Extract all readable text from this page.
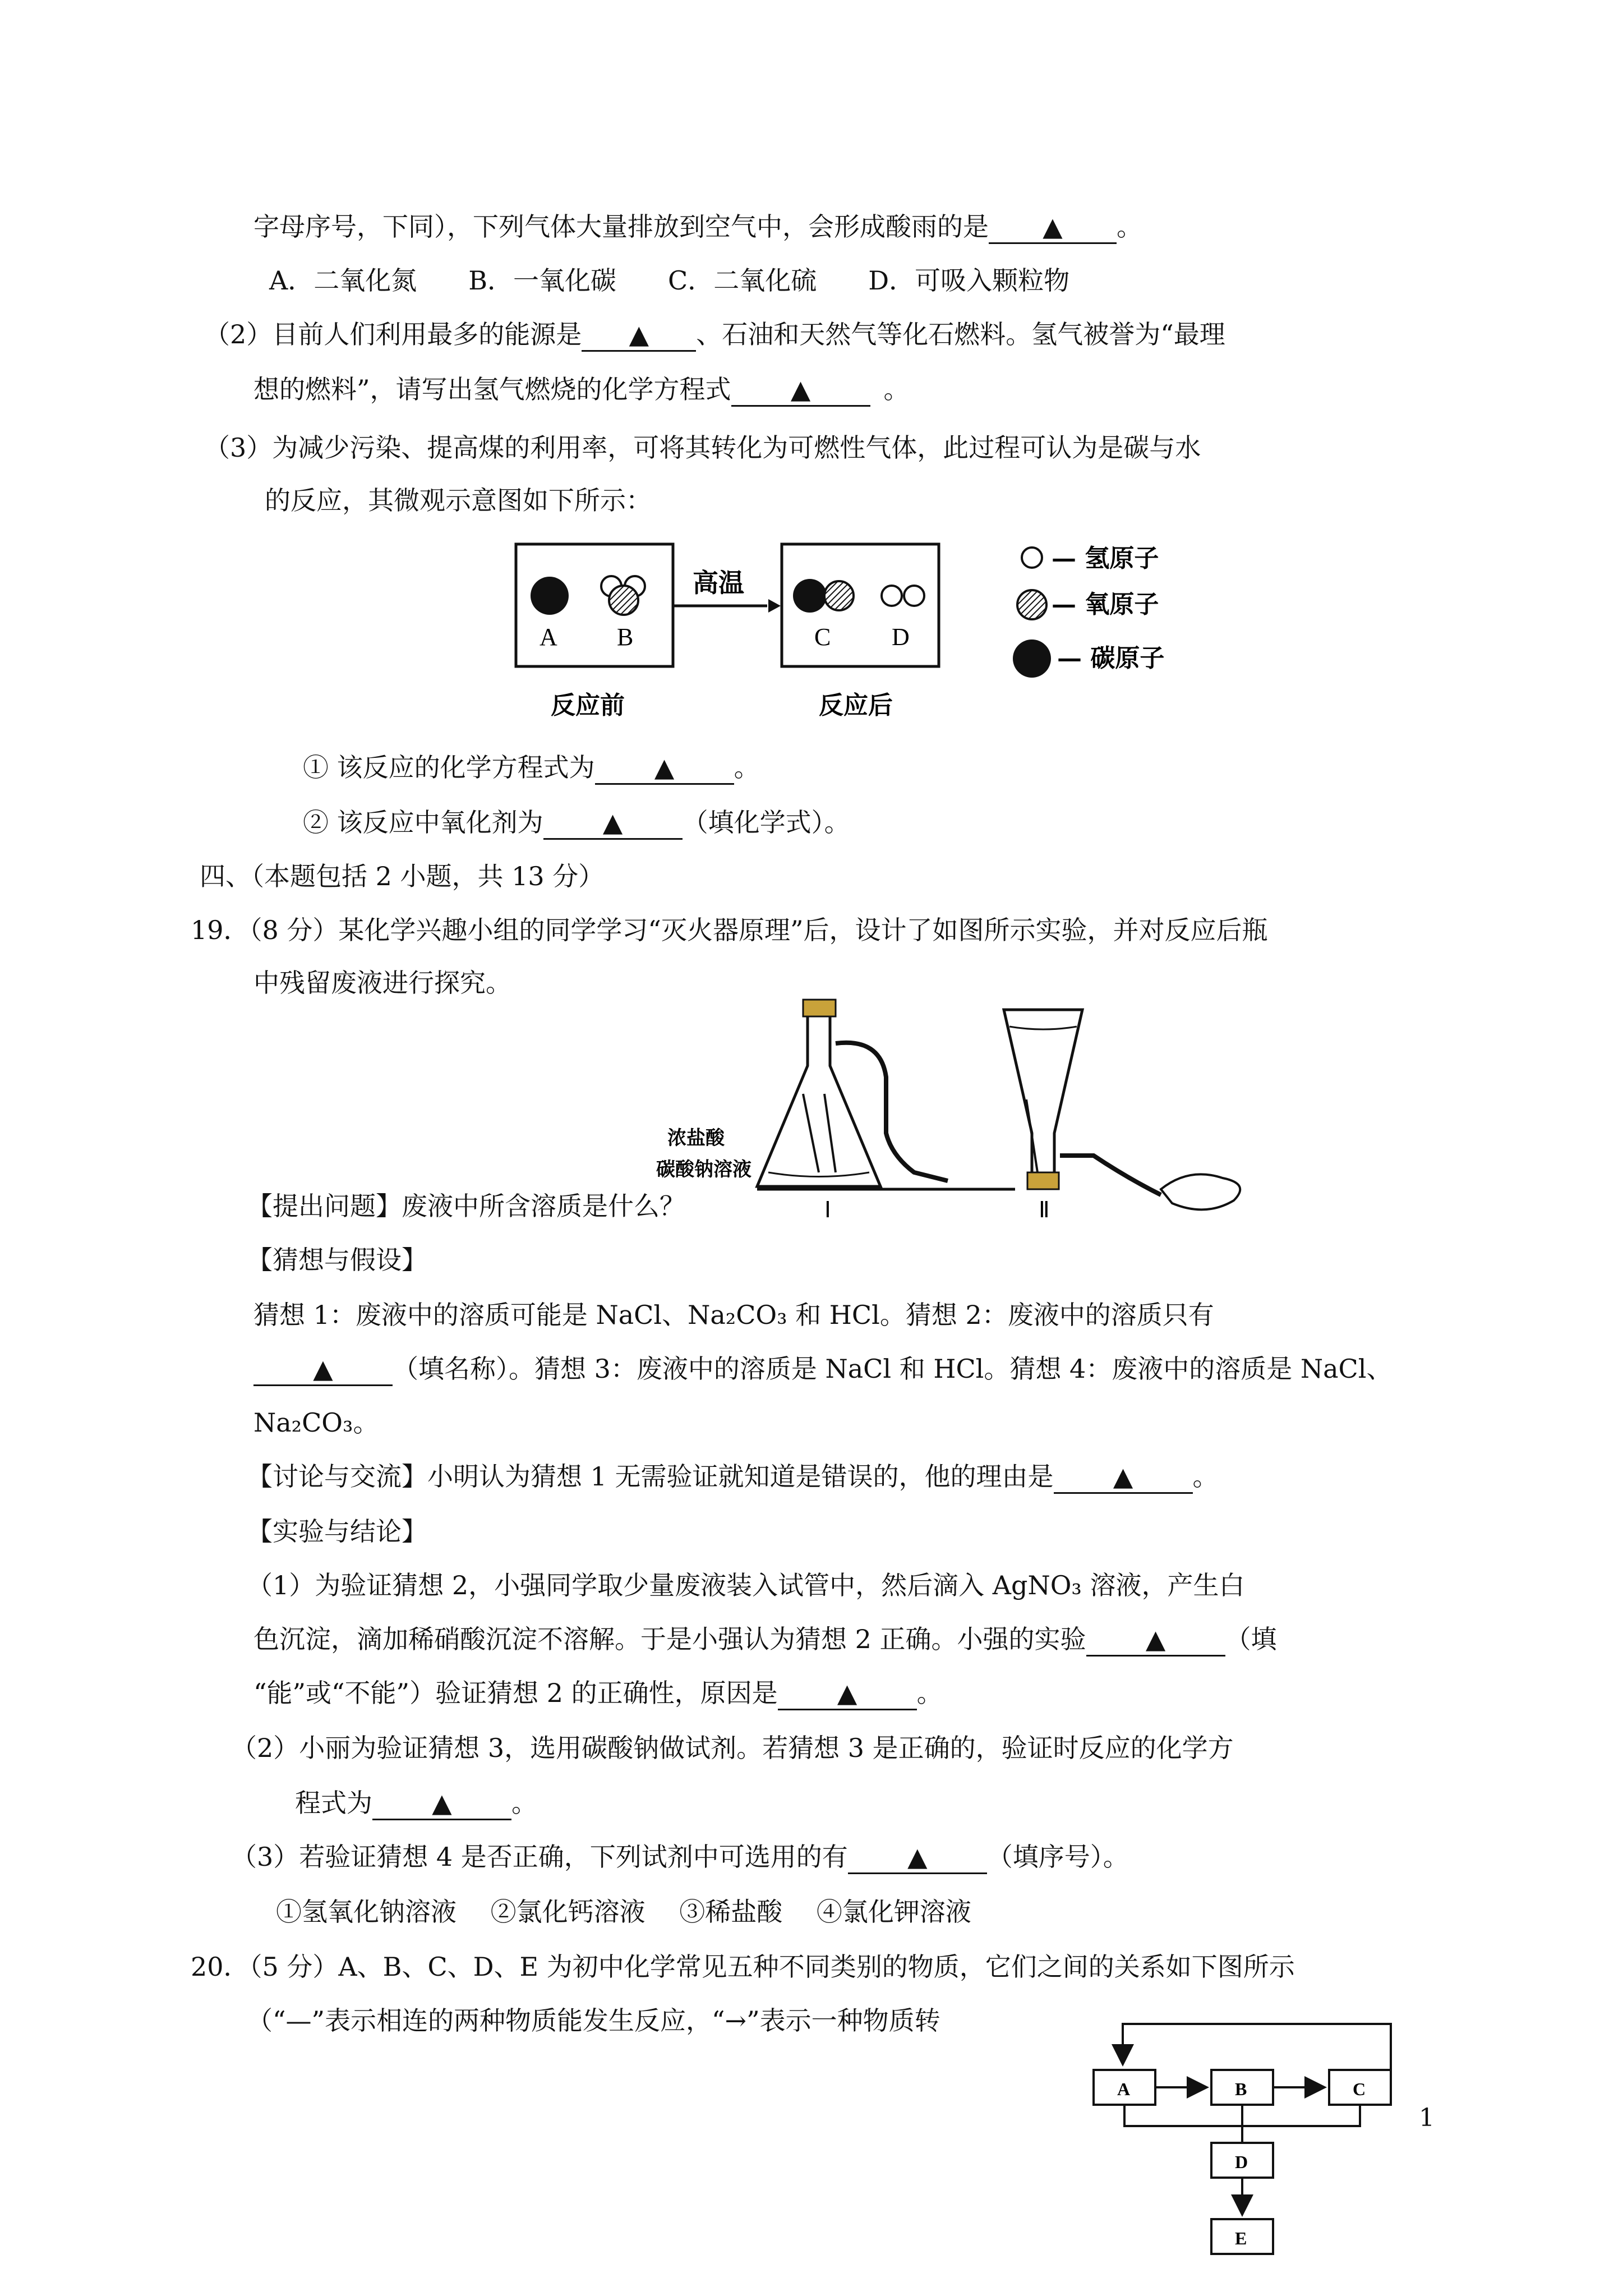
字母序号，下同），下列气体大量排放到空气中，会形成酸雨的是 ▲ 。
A．二氧化氮　　B．一氧化碳　　C．二氧化硫　　D．可吸入颗粒物
（2）目前人们利用最多的能源是 ▲ 、石油和天然气等化石燃料。氢气被誉为“最理
想的燃料”，请写出氢气燃烧的化学方程式 ▲	。
（3）为减少污染、提高煤的利用率，可将其转化为可燃性气体，此过程可认为是碳与水
的反应，其微观示意图如下所示：
A B
高温
C D
反应前	反应后
— 氢原子
— 氧原子
— 碳原子
① 该反应的化学方程式为 ▲ 。
② 该反应中氧化剂为 ▲ （填化学式）。
四、（本题包括 2 小题，共 13 分）
19．（8 分）某化学兴趣小组的同学学习“灭火器原理”后，设计了如图所示实验，并对反应后瓶
中残留废液进行探究。
浓盐酸
碳酸钠溶液
Ⅰ	Ⅱ
【提出问题】废液中所含溶质是什么？
【猜想与假设】
猜想 1：废液中的溶质可能是 NaCl、Na₂CO₃ 和 HCl。猜想 2：废液中的溶质只有
▲ （填名称）。猜想 3：废液中的溶质是 NaCl 和 HCl。猜想 4：废液中的溶质是 NaCl、
Na₂CO₃。
【讨论与交流】小明认为猜想 1 无需验证就知道是错误的，他的理由是 ▲ 。
【实验与结论】
（1）为验证猜想 2，小强同学取少量废液装入试管中，然后滴入 AgNO₃ 溶液，产生白
色沉淀，滴加稀硝酸沉淀不溶解。于是小强认为猜想 2 正确。小强的实验 ▲ （填
“能”或“不能”）验证猜想 2 的正确性，原因是 ▲ 。
（2）小丽为验证猜想 3，选用碳酸钠做试剂。若猜想 3 是正确的，验证时反应的化学方
程式为 ▲ 。
（3）若验证猜想 4 是否正确，下列试剂中可选用的有 ▲ （填序号）。
①氢氧化钠溶液　 ②氯化钙溶液　 ③稀盐酸　 ④氯化钾溶液
20．（5 分）A、B、C、D、E 为初中化学常见五种不同类别的物质，它们之间的关系如下图所示
（“—”表示相连的两种物质能发生反应，“→”表示一种物质转
A	B	C
D
E
1
